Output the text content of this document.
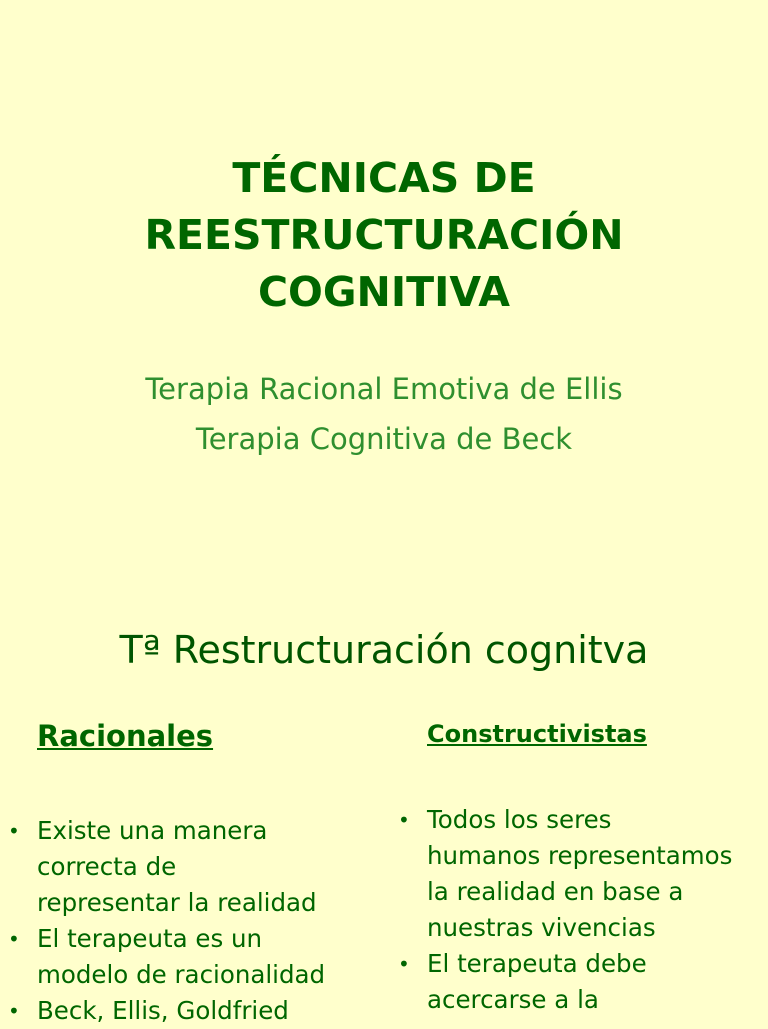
TÉCNICAS DE
REESTRUCTURACIÓN
COGNITIVA
Terapia Racional Emotiva de Ellis
Terapia Cognitiva de Beck
Tª Restructuración cognitva
Racionales	Constructivistas
• Existe una manera
correcta de
representar la realidad
• El terapeuta es un
modelo de racionalidad
• Beck, Ellis, Goldfried
• Todos los seres
humanos representamos
la realidad en base a
nuestras vivencias
• El terapeuta debe
acercarse a la
